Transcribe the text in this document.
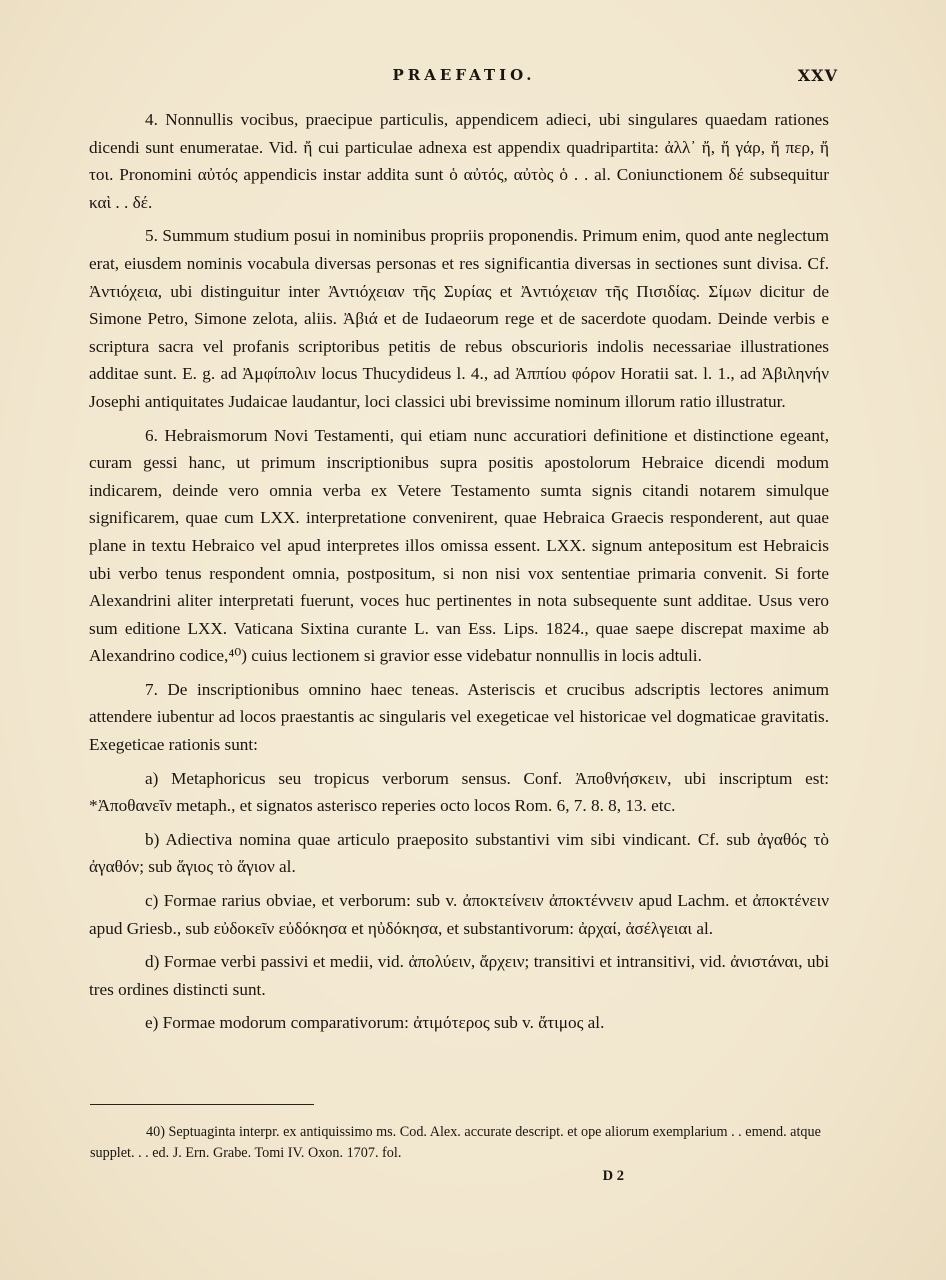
PRAEFATIO.	XXV

4. Nonnullis vocibus, praecipue particulis, appendicem adieci, ubi singulares quaedam rationes dicendi sunt enumeratae. Vid. ἤ cui particulae adnexa est appendix quadripartita: ἀλλ᾽ ἤ, ἤ γάρ, ἤ περ, ἤ τοι. Pronomini αὐτός appendicis instar addita sunt ὁ αὐτός, αὐτὸς ὁ . . al. Coniunctionem δέ subsequitur καὶ . . δέ.

5. Summum studium posui in nominibus propriis proponendis. Primum enim, quod ante neglectum erat, eiusdem nominis vocabula diversas personas et res significantia diversas in sectiones sunt divisa. Cf. Ἀντιόχεια, ubi distinguitur inter Ἀντιόχειαν τῆς Συρίας et Ἀντιόχειαν τῆς Πισιδίας. Σίμων dicitur de Simone Petro, Simone zelota, aliis. Ἀβιά et de Iudaeorum rege et de sacerdote quodam. Deinde verbis e scriptura sacra vel profanis scriptoribus petitis de rebus obscurioris indolis necessariae illustrationes additae sunt. E. g. ad Ἀμφίπολιν locus Thucydideus l. 4., ad Ἀππίου φόρον Horatii sat. l. 1., ad Ἀβιληνήν Josephi antiquitates Judaicae laudantur, loci classici ubi brevissime nominum illorum ratio illustratur.

6. Hebraismorum Novi Testamenti, qui etiam nunc accuratiori definitione et distinctione egeant, curam gessi hanc, ut primum inscriptionibus supra positis apostolorum Hebraice dicendi modum indicarem, deinde vero omnia verba ex Vetere Testamento sumta signis citandi notarem simulque significarem, quae cum LXX. interpretatione convenirent, quae Hebraica Graecis responderent, aut quae plane in textu Hebraico vel apud interpretes illos omissa essent. LXX. signum antepositum est Hebraicis ubi verbo tenus respondent omnia, postpositum, si non nisi vox sententiae primaria convenit. Si forte Alexandrini aliter interpretati fuerunt, voces huc pertinentes in nota subsequente sunt additae. Usus vero sum editione LXX. Vaticana Sixtina curante L. van Ess. Lips. 1824., quae saepe discrepat maxime ab Alexandrino codice,⁴⁰) cuius lectionem si gravior esse videbatur nonnullis in locis adtuli.

7. De inscriptionibus omnino haec teneas. Asteriscis et crucibus adscriptis lectores animum attendere iubentur ad locos praestantis ac singularis vel exegeticae vel historicae vel dogmaticae gravitatis. Exegeticae rationis sunt:

a) Metaphoricus seu tropicus verborum sensus. Conf. Ἀποθνήσκειν, ubi inscriptum est: *Ἀποθανεῖν metaph., et signatos asterisco reperies octo locos Rom. 6, 7. 8. 8, 13. etc.

b) Adiectiva nomina quae articulo praeposito substantivi vim sibi vindicant. Cf. sub ἀγαθός τὸ ἀγαθόν; sub ἅγιος τὸ ἅγιον al.

c) Formae rarius obviae, et verborum: sub v. ἀποκτείνειν ἀποκτέννειν apud Lachm. et ἀποκτένειν apud Griesb., sub εὐδοκεῖν εὐδόκησα et ηὐδόκησα, et substantivorum: ἀρχαί, ἀσέλγειαι al.

d) Formae verbi passivi et medii, vid. ἀπολύειν, ἄρχειν; transitivi et intransitivi, vid. ἀνιστάναι, ubi tres ordines distincti sunt.

e) Formae modorum comparativorum: ἀτιμότερος sub v. ἄτιμος al.

40) Septuaginta interpr. ex antiquissimo ms. Cod. Alex. accurate descript. et ope aliorum exemplarium . . emend. atque supplet. . . ed. J. Ern. Grabe. Tomi IV. Oxon. 1707. fol.

D 2
